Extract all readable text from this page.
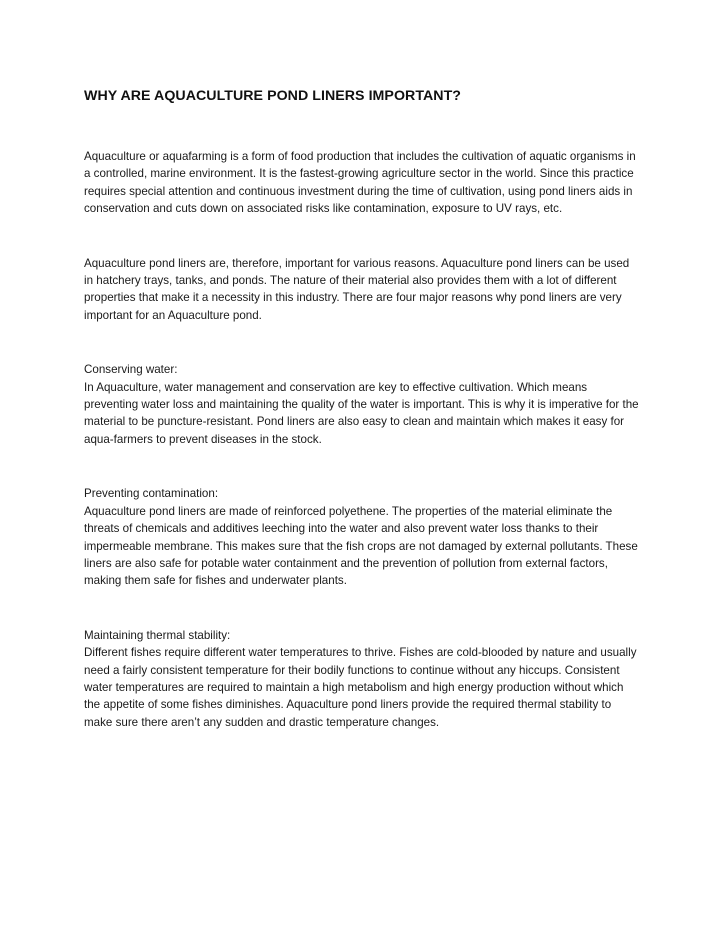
WHY ARE AQUACULTURE POND LINERS IMPORTANT?

Aquaculture or aquafarming is a form of food production that includes the cultivation of aquatic organisms in a controlled, marine environment. It is the fastest-growing agriculture sector in the world. Since this practice requires special attention and continuous investment during the time of cultivation, using pond liners aids in conservation and cuts down on associated risks like contamination, exposure to UV rays, etc.

Aquaculture pond liners are, therefore, important for various reasons. Aquaculture pond liners can be used in hatchery trays, tanks, and ponds. The nature of their material also provides them with a lot of different properties that make it a necessity in this industry. There are four major reasons why pond liners are very important for an Aquaculture pond.

Conserving water:

In Aquaculture, water management and conservation are key to effective cultivation. Which means preventing water loss and maintaining the quality of the water is important. This is why it is imperative for the material to be puncture-resistant. Pond liners are also easy to clean and maintain which makes it easy for aqua-farmers to prevent diseases in the stock.

Preventing contamination:

Aquaculture pond liners are made of reinforced polyethene. The properties of the material eliminate the threats of chemicals and additives leeching into the water and also prevent water loss thanks to their impermeable membrane. This makes sure that the fish crops are not damaged by external pollutants. These liners are also safe for potable water containment and the prevention of pollution from external factors, making them safe for fishes and underwater plants.

Maintaining thermal stability:

Different fishes require different water temperatures to thrive. Fishes are cold-blooded by nature and usually need a fairly consistent temperature for their bodily functions to continue without any hiccups. Consistent water temperatures are required to maintain a high metabolism and high energy production without which the appetite of some fishes diminishes. Aquaculture pond liners provide the required thermal stability to make sure there aren’t any sudden and drastic temperature changes.
